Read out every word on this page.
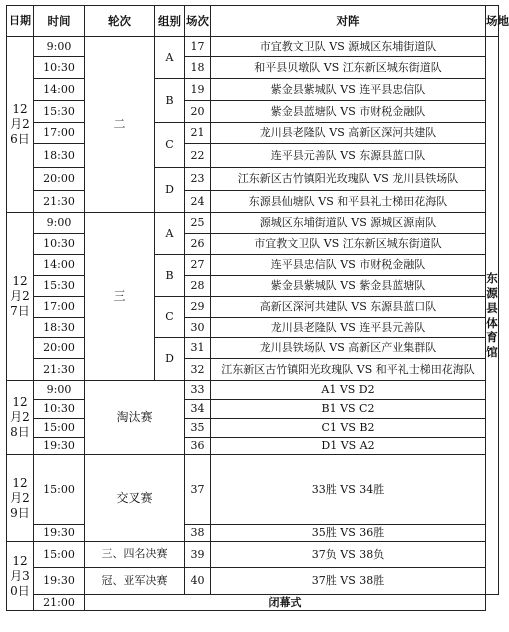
日期	时间	轮次	组别	场次	对阵	场地
12月26日	9:00	二	A	17	市宜教文卫队 VS 源城区东埔街道队	东源县体育馆
	10:30			18	和平县贝墩队 VS 江东新区城东街道队	
	14:00		B	19	紫金县紫城队 VS 连平县忠信队	
	15:30			20	紫金县蓝塘队 VS 市财税金融队	
	17:00		C	21	龙川县老隆队 VS 高新区深河共建队	
	18:30			22	连平县元善队 VS 东源县蓝口队	
	20:00		D	23	江东新区古竹镇阳光玫瑰队 VS 龙川县铁场队	
	21:30			24	东源县仙塘队 VS 和平县礼士梯田花海队	
12月27日	9:00	三	A	25	源城区东埔街道队 VS 源城区源南队	
	10:30			26	市宜教文卫队 VS 江东新区城东街道队	
	14:00		B	27	连平县忠信队 VS 市财税金融队	
	15:30			28	紫金县紫城队 VS 紫金县蓝塘队	
	17:00		C	29	高新区深河共建队 VS 东源县蓝口队	
	18:30			30	龙川县老隆队 VS 连平县元善队	
	20:00		D	31	龙川县铁场队 VS 高新区产业集群队	
	21:30			32	江东新区古竹镇阳光玫瑰队 VS 和平礼士梯田花海队	
12月28日	9:00	淘汰赛		33	A1 VS D2	
	10:30			34	B1 VS C2	
	15:00			35	C1 VS B2	
	19:30			36	D1 VS A2	
12月29日	15:00	交叉赛		37	33胜 VS 34胜	
	19:30			38	35胜 VS 36胜	
12月30日	15:00	三、四名决赛		39	37负 VS 38负	
	19:30	冠、亚军决赛		40	37胜 VS 38胜	
	21:00	闭幕式				
